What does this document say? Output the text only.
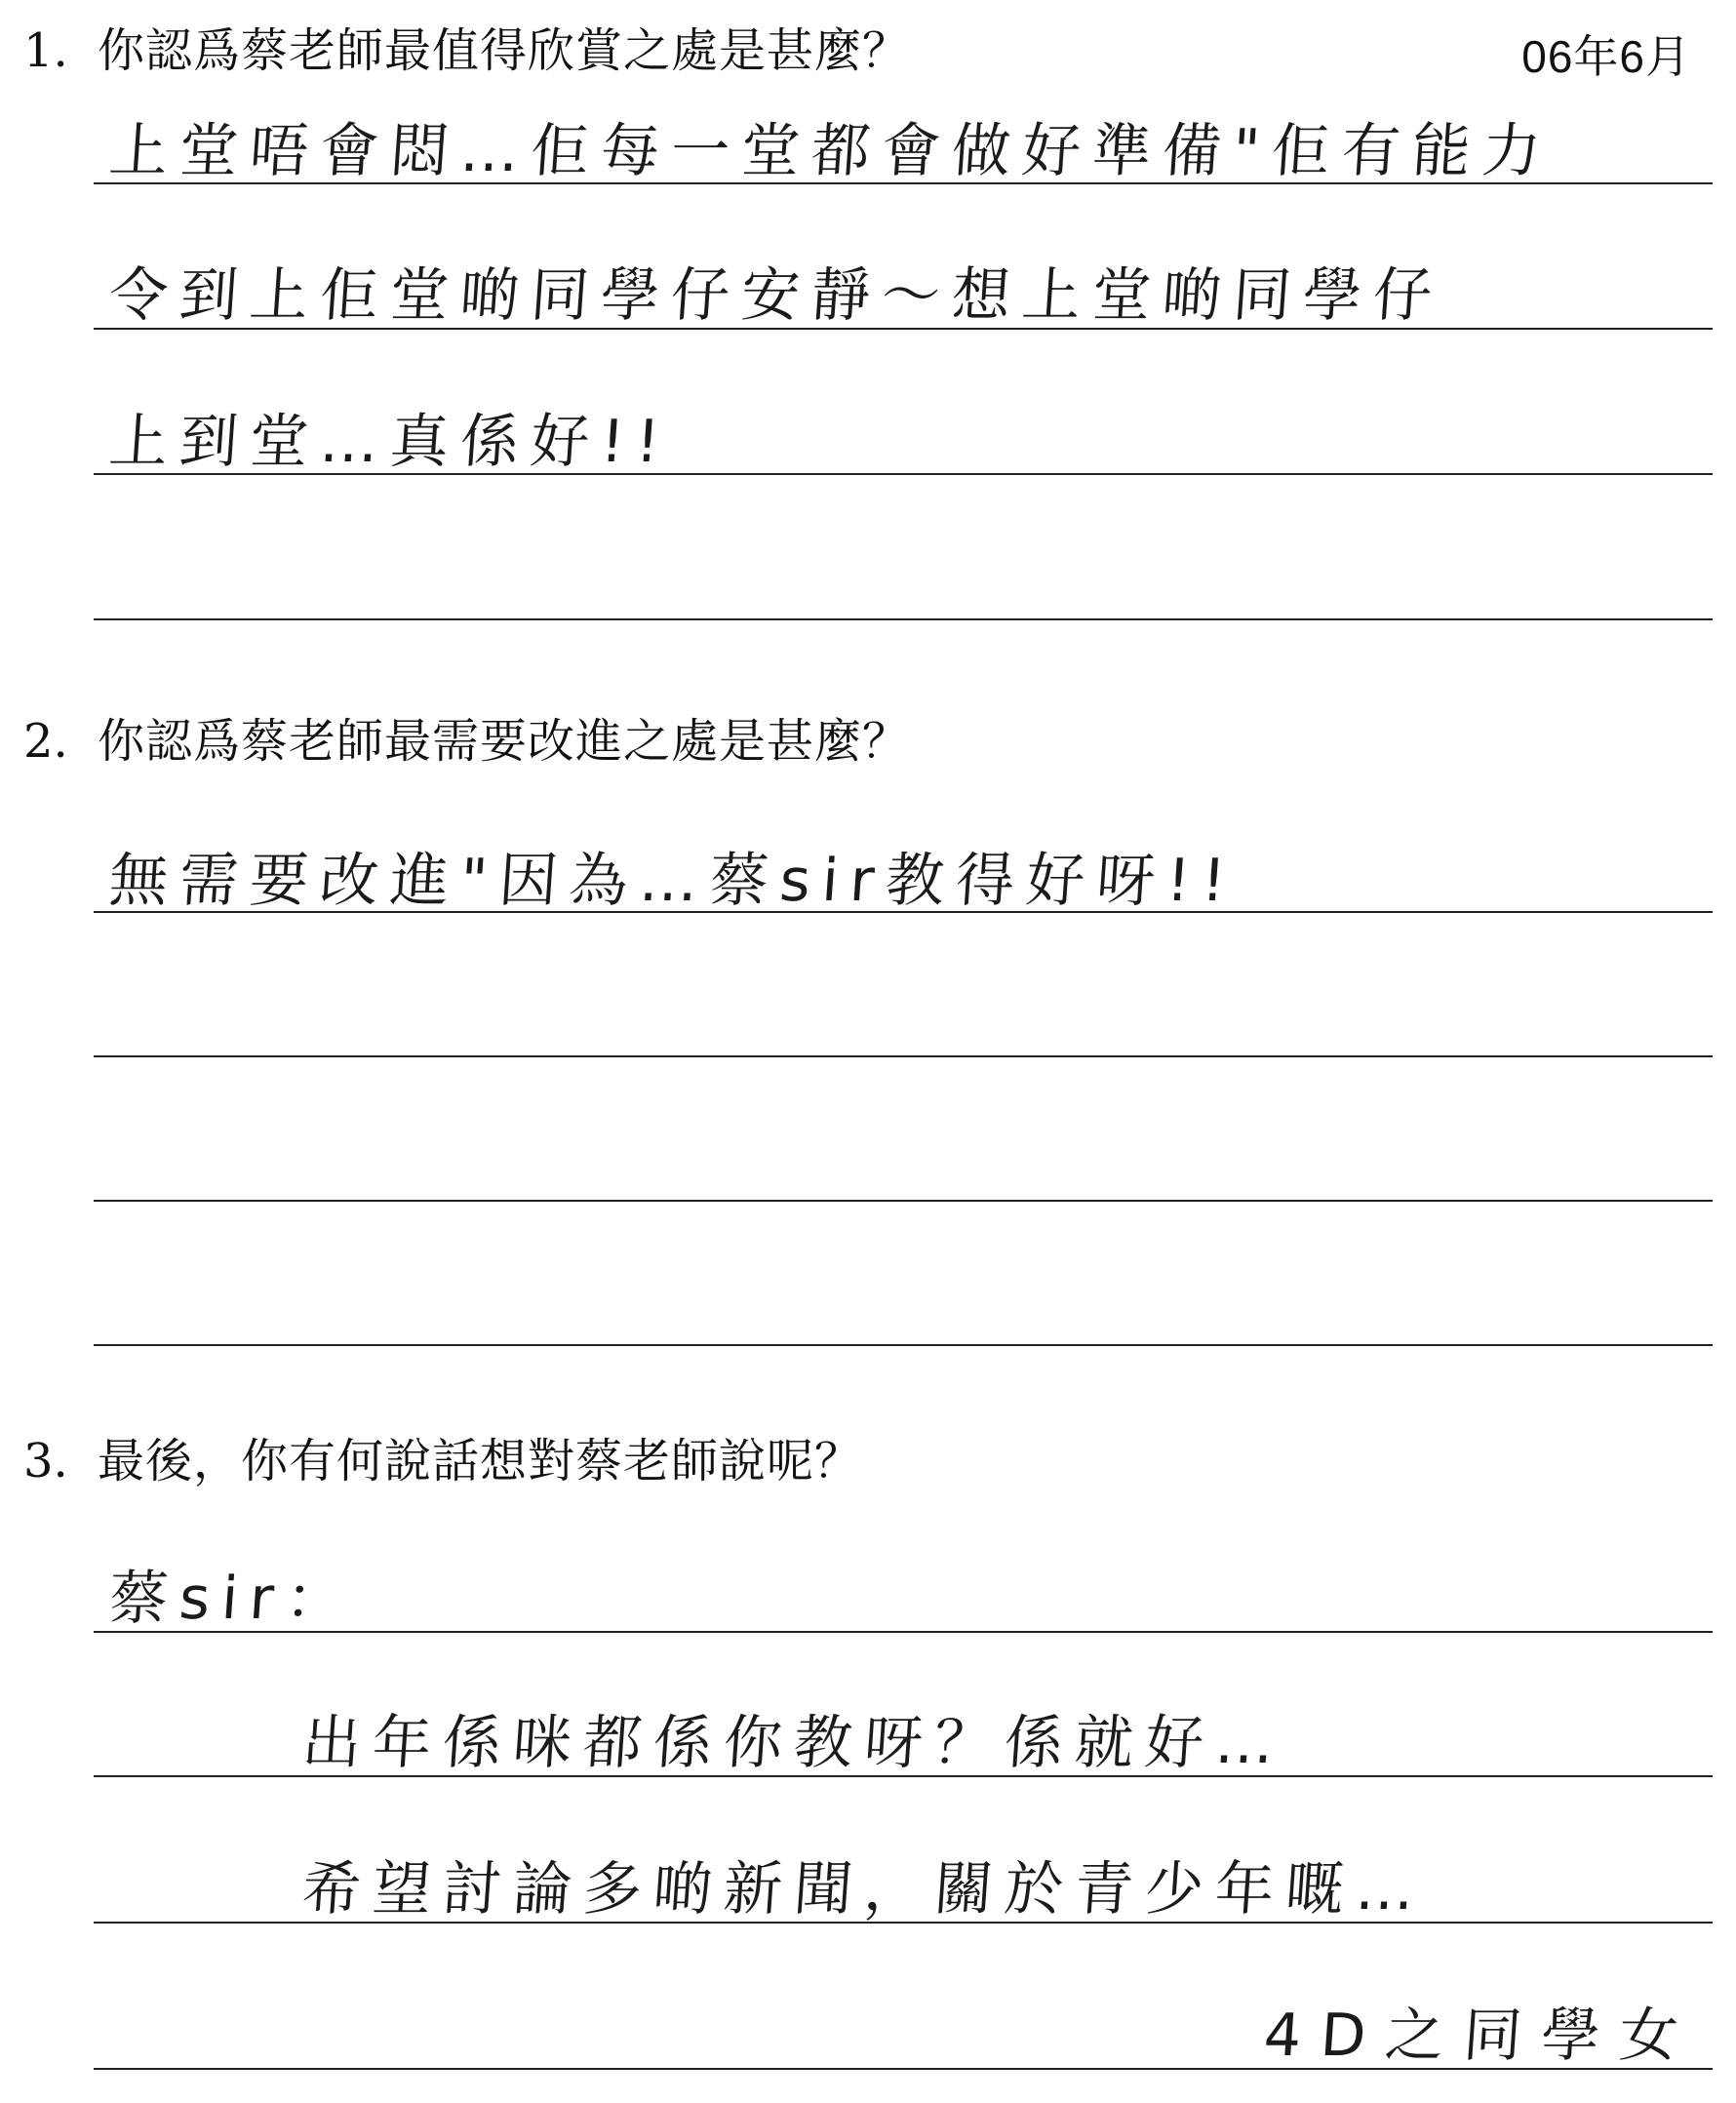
06年6月
1. 你認爲蔡老師最值得欣賞之處是甚麼？
上堂唔會悶…佢每一堂都會做好準備"佢有能力
令到上佢堂啲同學仔安靜～想上堂啲同學仔
上到堂…真係好!!
2. 你認爲蔡老師最需要改進之處是甚麼？
無需要改進"因為…蔡sir教得好呀!!
3. 最後，你有何說話想對蔡老師說呢？
蔡sir：
出年係咪都係你教呀？係就好…
希望討論多啲新聞，關於青少年嘅…
4D之同學女
